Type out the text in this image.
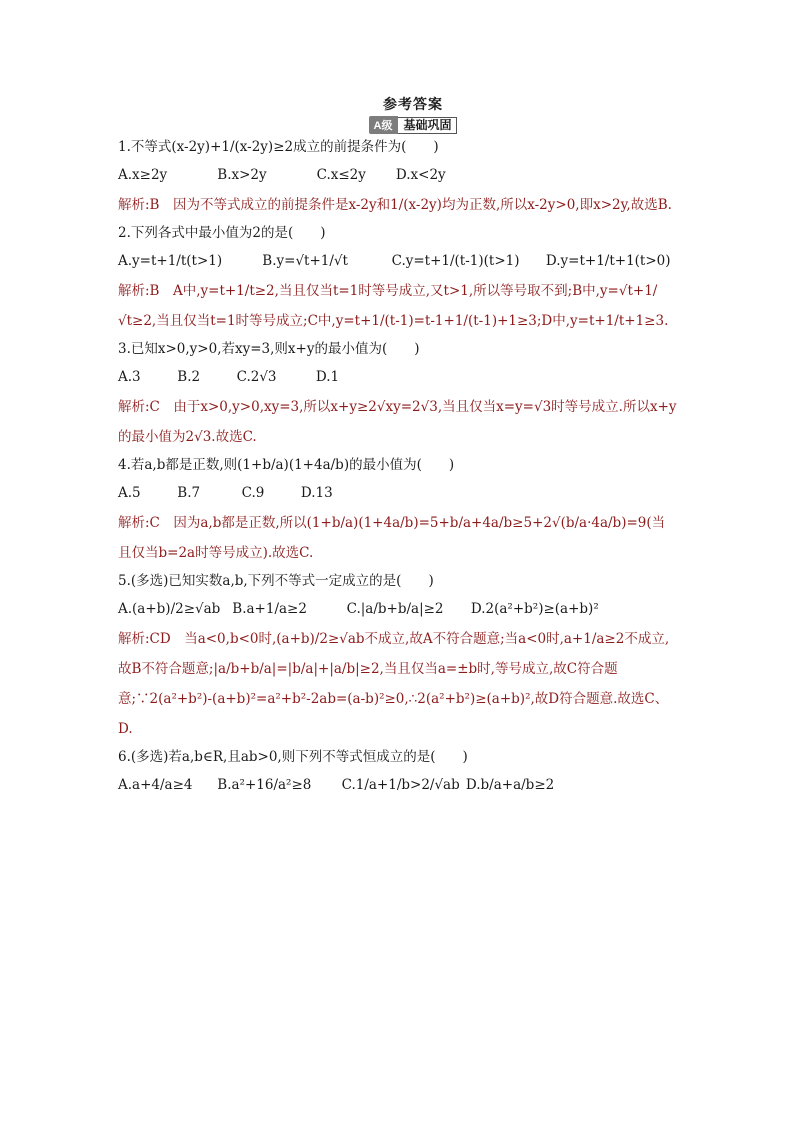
参考答案
A级 基础巩固
1.不等式(x-2y)+1/(x-2y)≥2成立的前提条件为(　　)
A.x≥2y	B.x>2y	C.x≤2y D.x<2y
解析:B　因为不等式成立的前提条件是x-2y和1/(x-2y)均为正数,所以x-2y>0,即x>2y,故选B.
2.下列各式中最小值为2的是(　　)
A.y=t+1/t(t>1)	B.y=√t+1/√t	C.y=t+1/(t-1)(t>1) D.y=t+1/t+1(t>0)
解析:B　A中,y=t+1/t≥2,当且仅当t=1时等号成立,又t>1,所以等号取不到;B中,y=√t+1/√t≥2,当且仅当t=1时等号成立;C中,y=t+1/(t-1)=t-1+1/(t-1)+1≥3;D中,y=t+1/t+1≥3.
3.已知x>0,y>0,若xy=3,则x+y的最小值为(　　)
A.3	B.2	C.2√3	D.1
解析:C　由于x>0,y>0,xy=3,所以x+y≥2√xy=2√3,当且仅当x=y=√3时等号成立.所以x+y的最小值为2√3.故选C.
4.若a,b都是正数,则(1+b/a)(1+4a/b)的最小值为(　　)
A.5	B.7	C.9	D.13
解析:C　因为a,b都是正数,所以(1+b/a)(1+4a/b)=5+b/a+4a/b≥5+2√(b/a·4a/b)=9(当且仅当b=2a时等号成立).故选C.
5.(多选)已知实数a,b,下列不等式一定成立的是(　　)
A.(a+b)/2≥√ab B.a+1/a≥2	C.|a/b+b/a|≥2 D.2(a²+b²)≥(a+b)²
解析:CD　当a<0,b<0时,(a+b)/2≥√ab不成立,故A不符合题意;当a<0时,a+1/a≥2不成立,故B不符合题意;|a/b+b/a|=|b/a|+|a/b|≥2,当且仅当a=±b时,等号成立,故C符合题意;∵2(a²+b²)-(a+b)²=a²+b²-2ab=(a-b)²≥0,∴2(a²+b²)≥(a+b)²,故D符合题意.故选C、D.
6.(多选)若a,b∈R,且ab>0,则下列不等式恒成立的是(　　)
A.a+4/a≥4 B.a²+16/a²≥8 C.1/a+1/b>2/√ab D.b/a+a/b≥2
